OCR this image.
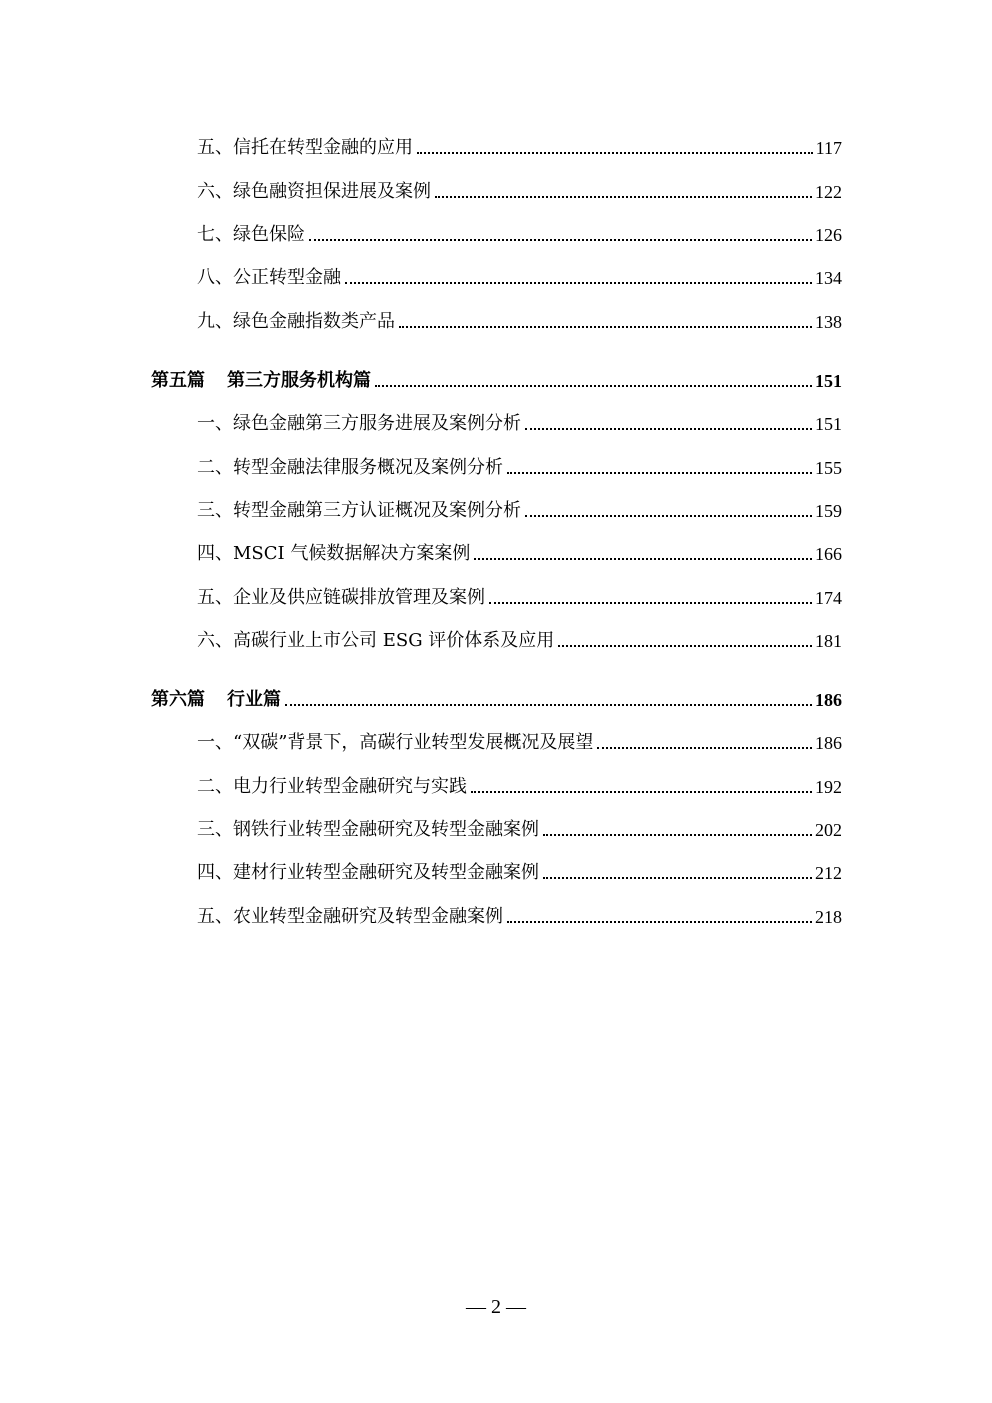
五、信托在转型金融的应用	117
六、绿色融资担保进展及案例	122
七、绿色保险	126
八、公正转型金融	134
九、绿色金融指数类产品	138
第五篇 第三方服务机构篇	151
一、绿色金融第三方服务进展及案例分析	151
二、转型金融法律服务概况及案例分析	155
三、转型金融第三方认证概况及案例分析	159
四、MSCI 气候数据解决方案案例	166
五、企业及供应链碳排放管理及案例	174
六、高碳行业上市公司 ESG 评价体系及应用	181
第六篇 行业篇	186
一、“双碳”背景下，高碳行业转型发展概况及展望	186
二、电力行业转型金融研究与实践	192
三、钢铁行业转型金融研究及转型金融案例	202
四、建材行业转型金融研究及转型金融案例	212
五、农业转型金融研究及转型金融案例	218
— 2 —
